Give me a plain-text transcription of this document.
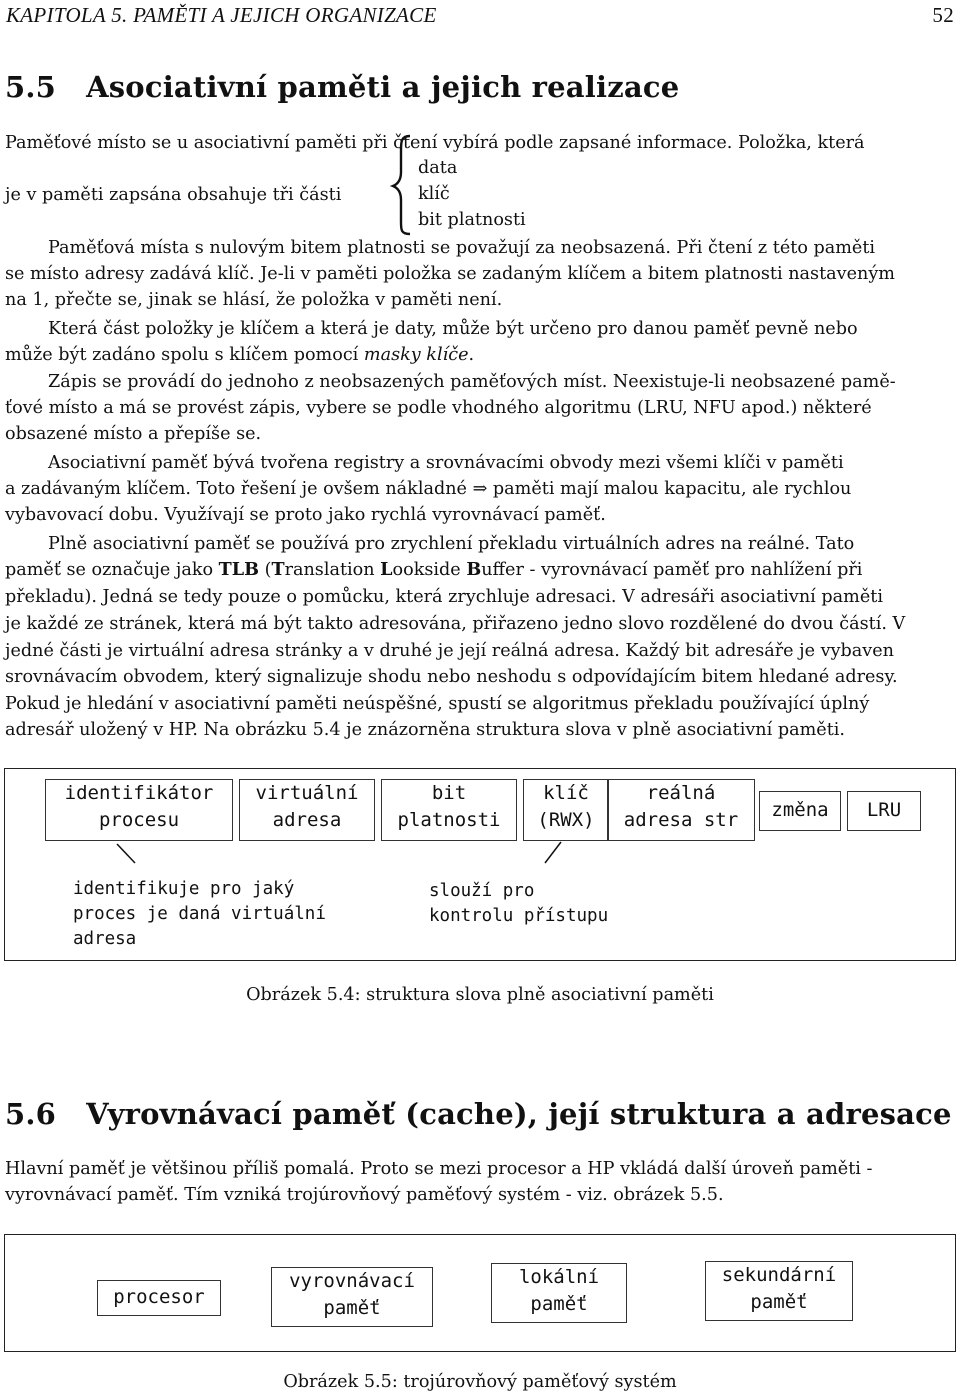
KAPITOLA 5. PAMĚTI A JEJICH ORGANIZACE	52
5.5 Asociativní paměti a jejich realizace
Paměťové místo se u asociativní paměti při čtení vybírá podle zapsané informace. Položka, která
je v paměti zapsána obsahuje tři části
data
klíč
bit platnosti
Paměťová místa s nulovým bitem platnosti se považují za neobsazená. Při čtení z této paměti
se místo adresy zadává klíč. Je-li v paměti položka se zadaným klíčem a bitem platnosti nastaveným
na 1, přečte se, jinak se hlásí, že položka v paměti není.
Která část položky je klíčem a která je daty, může být určeno pro danou paměť pevně nebo
může být zadáno spolu s klíčem pomocí masky klíče.
Zápis se provádí do jednoho z neobsazených paměťových míst. Neexistuje-li neobsazené pamě-
ťové místo a má se provést zápis, vybere se podle vhodného algoritmu (LRU, NFU apod.) některé
obsazené místo a přepíše se.
Asociativní paměť bývá tvořena registry a srovnávacími obvody mezi všemi klíči v paměti
a zadávaným klíčem. Toto řešení je ovšem nákladné ⇒ paměti mají malou kapacitu, ale rychlou
vybavovací dobu. Využívají se proto jako rychlá vyrovnávací paměť.
Plně asociativní paměť se používá pro zrychlení překladu virtuálních adres na reálné. Tato
paměť se označuje jako TLB (Translation Lookside Buffer - vyrovnávací paměť pro nahlížení při
překladu). Jedná se tedy pouze o pomůcku, která zrychluje adresaci. V adresáři asociativní paměti
je každé ze stránek, která má být takto adresována, přiřazeno jedno slovo rozdělené do dvou částí. V
jedné části je virtuální adresa stránky a v druhé je její reálná adresa. Každý bit adresáře je vybaven
srovnávacím obvodem, který signalizuje shodu nebo neshodu s odpovídajícím bitem hledané adresy.
Pokud je hledání v asociativní paměti neúspěšné, spustí se algoritmus překladu používající úplný
adresář uložený v HP. Na obrázku 5.4 je znázorněna struktura slova v plně asociativní paměti.
identifikátor
procesu
virtuální
adresa
bit
platnosti
klíč
(RWX)
reálná
adresa str	změna	LRU
identifikuje pro jaký
proces je daná virtuální
adresa
slouží pro
kontrolu přístupu
Obrázek 5.4: struktura slova plně asociativní paměti
5.6 Vyrovnávací paměť (cache), její struktura a adresace
Hlavní paměť je většinou příliš pomalá. Proto se mezi procesor a HP vkládá další úroveň paměti -
vyrovnávací paměť. Tím vzniká trojúrovňový paměťový systém - viz. obrázek 5.5.
procesor
vyrovnávací
paměť
lokální
paměť
sekundární
paměť
Obrázek 5.5: trojúrovňový paměťový systém
